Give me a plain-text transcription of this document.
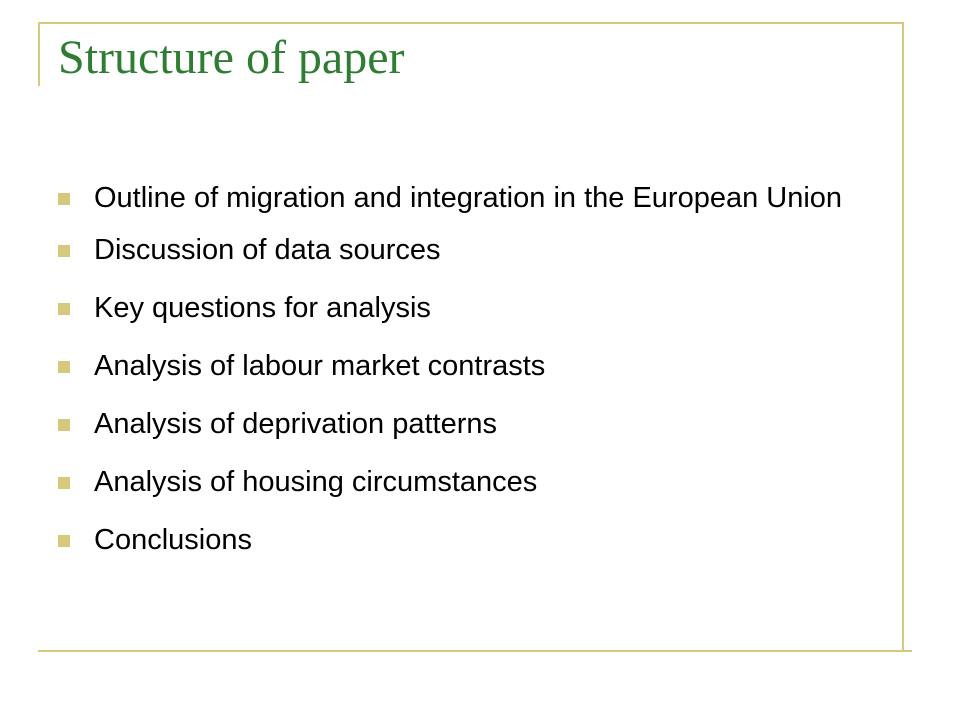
Structure of paper
Outline of migration and integration in the European Union
Discussion of data sources
Key questions for analysis
Analysis of labour market contrasts
Analysis of deprivation patterns
Analysis of housing circumstances
Conclusions
